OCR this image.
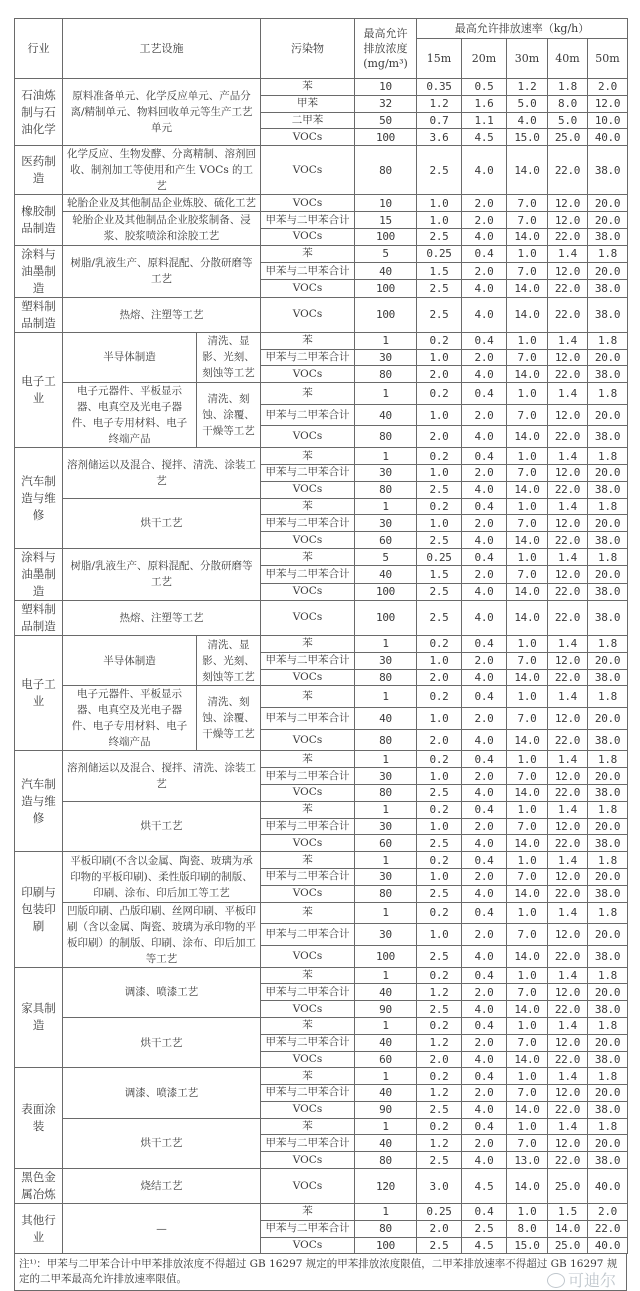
行业	工艺设施		污染物	最高允许
排放浓度
(mg/m³)	最高允许排放速率（kg/h）				
					15m	20m	30m	40m	50m
石油炼制与石油化学	原料准备单元、化学反应单元、产品分离/精制单元、物料回收单元等生产工艺单元		苯	10	0.35	0.5	1.2	1.8	2.0
			甲苯	32	1.2	1.6	5.0	8.0	12.0
			二甲苯	50	0.7	1.1	4.0	5.0	10.0
			VOCs	100	3.6	4.5	15.0	25.0	40.0
医药制造	化学反应、生物发酵、分离精制、溶剂回收、制剂加工等使用和产生 VOCs 的工艺		VOCs	80	2.5	4.0	14.0	22.0	38.0
橡胶制品制造	轮胎企业及其他制品企业炼胶、硫化工艺		VOCs	10	1.0	2.0	7.0	12.0	20.0
	轮胎企业及其他制品企业胶浆制备、浸浆、胶浆喷涂和涂胶工艺		甲苯与二甲苯合计	15	1.0	2.0	7.0	12.0	20.0
			VOCs	100	2.5	4.0	14.0	22.0	38.0
涂料与油墨制造	树脂/乳液生产、原料混配、分散研磨等工艺		苯	5	0.25	0.4	1.0	1.4	1.8
			甲苯与二甲苯合计	40	1.5	2.0	7.0	12.0	20.0
			VOCs	100	2.5	4.0	14.0	22.0	38.0
塑料制品制造	热熔、注塑等工艺		VOCs	100	2.5	4.0	14.0	22.0	38.0
电子工业	半导体制造	清洗、显影、光刻、刻蚀等工艺	苯	1	0.2	0.4	1.0	1.4	1.8
			甲苯与二甲苯合计	30	1.0	2.0	7.0	12.0	20.0
			VOCs	80	2.0	4.0	14.0	22.0	38.0
	电子元器件、平板显示器、电真空及光电子器件、电子专用材料、电子终端产品	清洗、刻蚀、涂覆、干燥等工艺	苯	1	0.2	0.4	1.0	1.4	1.8
			甲苯与二甲苯合计	40	1.0	2.0	7.0	12.0	20.0
			VOCs	80	2.0	4.0	14.0	22.0	38.0
汽车制造与维修	溶剂储运以及混合、搅拌、清洗、涂装工艺		苯	1	0.2	0.4	1.0	1.4	1.8
			甲苯与二甲苯合计	30	1.0	2.0	7.0	12.0	20.0
			VOCs	80	2.5	4.0	14.0	22.0	38.0
	烘干工艺		苯	1	0.2	0.4	1.0	1.4	1.8
			甲苯与二甲苯合计	30	1.0	2.0	7.0	12.0	20.0
			VOCs	60	2.5	4.0	14.0	22.0	38.0
涂料与油墨制造	树脂/乳液生产、原料混配、分散研磨等工艺		苯	5	0.25	0.4	1.0	1.4	1.8
			甲苯与二甲苯合计	40	1.5	2.0	7.0	12.0	20.0
			VOCs	100	2.5	4.0	14.0	22.0	38.0
塑料制品制造	热熔、注塑等工艺		VOCs	100	2.5	4.0	14.0	22.0	38.0
电子工业	半导体制造	清洗、显影、光刻、刻蚀等工艺	苯	1	0.2	0.4	1.0	1.4	1.8
			甲苯与二甲苯合计	30	1.0	2.0	7.0	12.0	20.0
			VOCs	80	2.0	4.0	14.0	22.0	38.0
	电子元器件、平板显示器、电真空及光电子器件、电子专用材料、电子终端产品	清洗、刻蚀、涂覆、干燥等工艺	苯	1	0.2	0.4	1.0	1.4	1.8
			甲苯与二甲苯合计	40	1.0	2.0	7.0	12.0	20.0
			VOCs	80	2.0	4.0	14.0	22.0	38.0
汽车制造与维修	溶剂储运以及混合、搅拌、清洗、涂装工艺		苯	1	0.2	0.4	1.0	1.4	1.8
			甲苯与二甲苯合计	30	1.0	2.0	7.0	12.0	20.0
			VOCs	80	2.5	4.0	14.0	22.0	38.0
	烘干工艺		苯	1	0.2	0.4	1.0	1.4	1.8
			甲苯与二甲苯合计	30	1.0	2.0	7.0	12.0	20.0
			VOCs	60	2.5	4.0	14.0	22.0	38.0
印刷与包装印刷	平板印刷(不含以金属、陶瓷、玻璃为承印物的平板印刷)、柔性版印刷的制版、印刷、涂布、印后加工等工艺		苯	1	0.2	0.4	1.0	1.4	1.8
			甲苯与二甲苯合计	30	1.0	2.0	7.0	12.0	20.0
			VOCs	80	2.5	4.0	14.0	22.0	38.0
	凹版印刷、凸版印刷、丝网印刷、平板印刷（含以金属、陶瓷、玻璃为承印物的平板印刷）的制版、印刷、涂布、印后加工等工艺		苯	1	0.2	0.4	1.0	1.4	1.8
			甲苯与二甲苯合计	30	1.0	2.0	7.0	12.0	20.0
			VOCs	100	2.5	4.0	14.0	22.0	38.0
家具制造	调漆、喷漆工艺		苯	1	0.2	0.4	1.0	1.4	1.8
			甲苯与二甲苯合计	40	1.2	2.0	7.0	12.0	20.0
			VOCs	90	2.5	4.0	14.0	22.0	38.0
	烘干工艺		苯	1	0.2	0.4	1.0	1.4	1.8
			甲苯与二甲苯合计	40	1.2	2.0	7.0	12.0	20.0
			VOCs	60	2.0	4.0	14.0	22.0	38.0
表面涂装	调漆、喷漆工艺		苯	1	0.2	0.4	1.0	1.4	1.8
			甲苯与二甲苯合计	40	1.2	2.0	7.0	12.0	20.0
			VOCs	90	2.5	4.0	14.0	22.0	38.0
	烘干工艺		苯	1	0.2	0.4	1.0	1.4	1.8
			甲苯与二甲苯合计	40	1.2	2.0	7.0	12.0	20.0
			VOCs	80	2.5	4.0	13.0	22.0	38.0
黑色金属冶炼	烧结工艺		VOCs	120	3.0	4.5	14.0	25.0	40.0
其他行业	—		苯	1	0.25	0.4	1.0	1.5	2.0
			甲苯与二甲苯合计	80	2.0	2.5	8.0	14.0	22.0
			VOCs	100	2.5	4.5	15.0	25.0	40.0
注¹⁾：甲苯与二甲苯合计中甲苯排放浓度不得超过 GB 16297 规定的甲苯排放浓度限值，二甲苯排放速率不得超过 GB 16297 规定的二甲苯最高允许排放速率限值。	可迪尔
